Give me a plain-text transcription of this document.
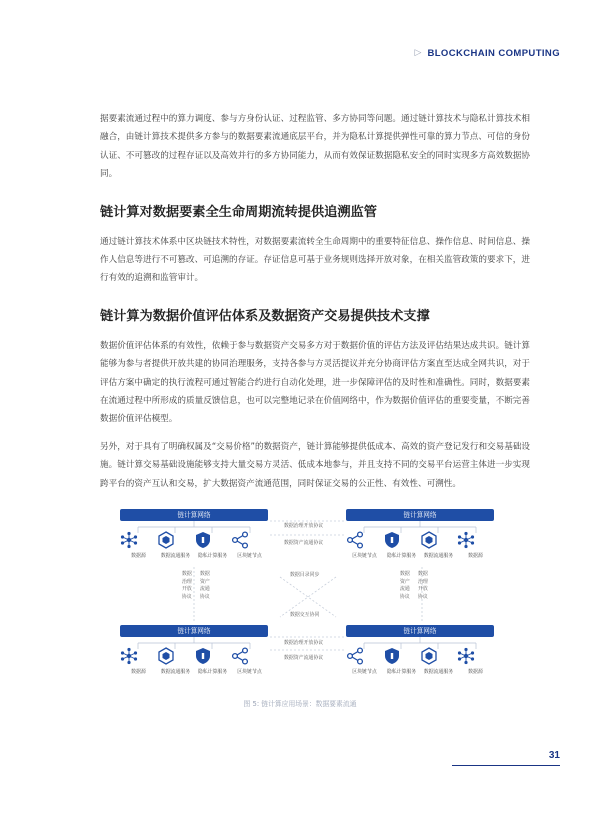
▷ BLOCKCHAIN COMPUTING

据要素流通过程中的算力调度、参与方身份认证、过程监管、多方协同等问题。通过链计算技术与隐私计算技术相融合，由链计算技术提供多方参与的数据要素流通底层平台，并为隐私计算提供弹性可靠的算力节点、可信的身份认证、不可篡改的过程存证以及高效并行的多方协同能力，从而有效保证数据隐私安全的同时实现多方高效数据协同。

链计算对数据要素全生命周期流转提供追溯监管

通过链计算技术体系中区块链技术特性，对数据要素流转全生命周期中的重要特征信息、操作信息、时间信息、操作人信息等进行不可篡改、可追溯的存证。存证信息可基于业务规则选择开放对象，在相关监管政策的要求下，进行有效的追溯和监管审计。

链计算为数据价值评估体系及数据资产交易提供技术支撑

数据价值评估体系的有效性，依赖于参与数据资产交易多方对于数据价值的评估方法及评估结果达成共识。链计算能够为参与者提供开放共建的协同治理服务，支持各参与方灵活提议并充分协商评估方案直至达成全网共识，对于评估方案中确定的执行流程可通过智能合约进行自动化处理，进一步保障评估的及时性和准确性。同时，数据要素在流通过程中所形成的质量反馈信息，也可以完整地记录在价值网络中，作为数据价值评估的重要变量，不断完善数据价值评估模型。

另外，对于具有了明确权属及“交易价格”的数据资产，链计算能够提供低成本、高效的资产登记发行和交易基础设施。链计算交易基础设施能够支持大量交易方灵活、低成本地参与，并且支持不同的交易平台运营主体进一步实现跨平台的资产互认和交易，扩大数据资产流通范围，同时保证交易的公正性、有效性、可溯性。

链计算网络
数据源	数据流通服务	隐私计算服务	区块链节点
链计算网络
区块链节点	隐私计算服务	数据流通服务	数据源
数据治理开放协议
数据资产流通协议
数据目录同步
数据交互协同
数据治理开放协议
数据资产流通协议
数据
治理
开放
协议
数据
资产
流通
协议
数据
资产
流通
协议
数据
治理
开放
协议
链计算网络
数据源	数据流通服务	隐私计算服务	区块链节点
链计算网络
区块链节点	隐私计算服务	数据流通服务	数据源
图 5: 链计算应用场景：数据要素流通
31
